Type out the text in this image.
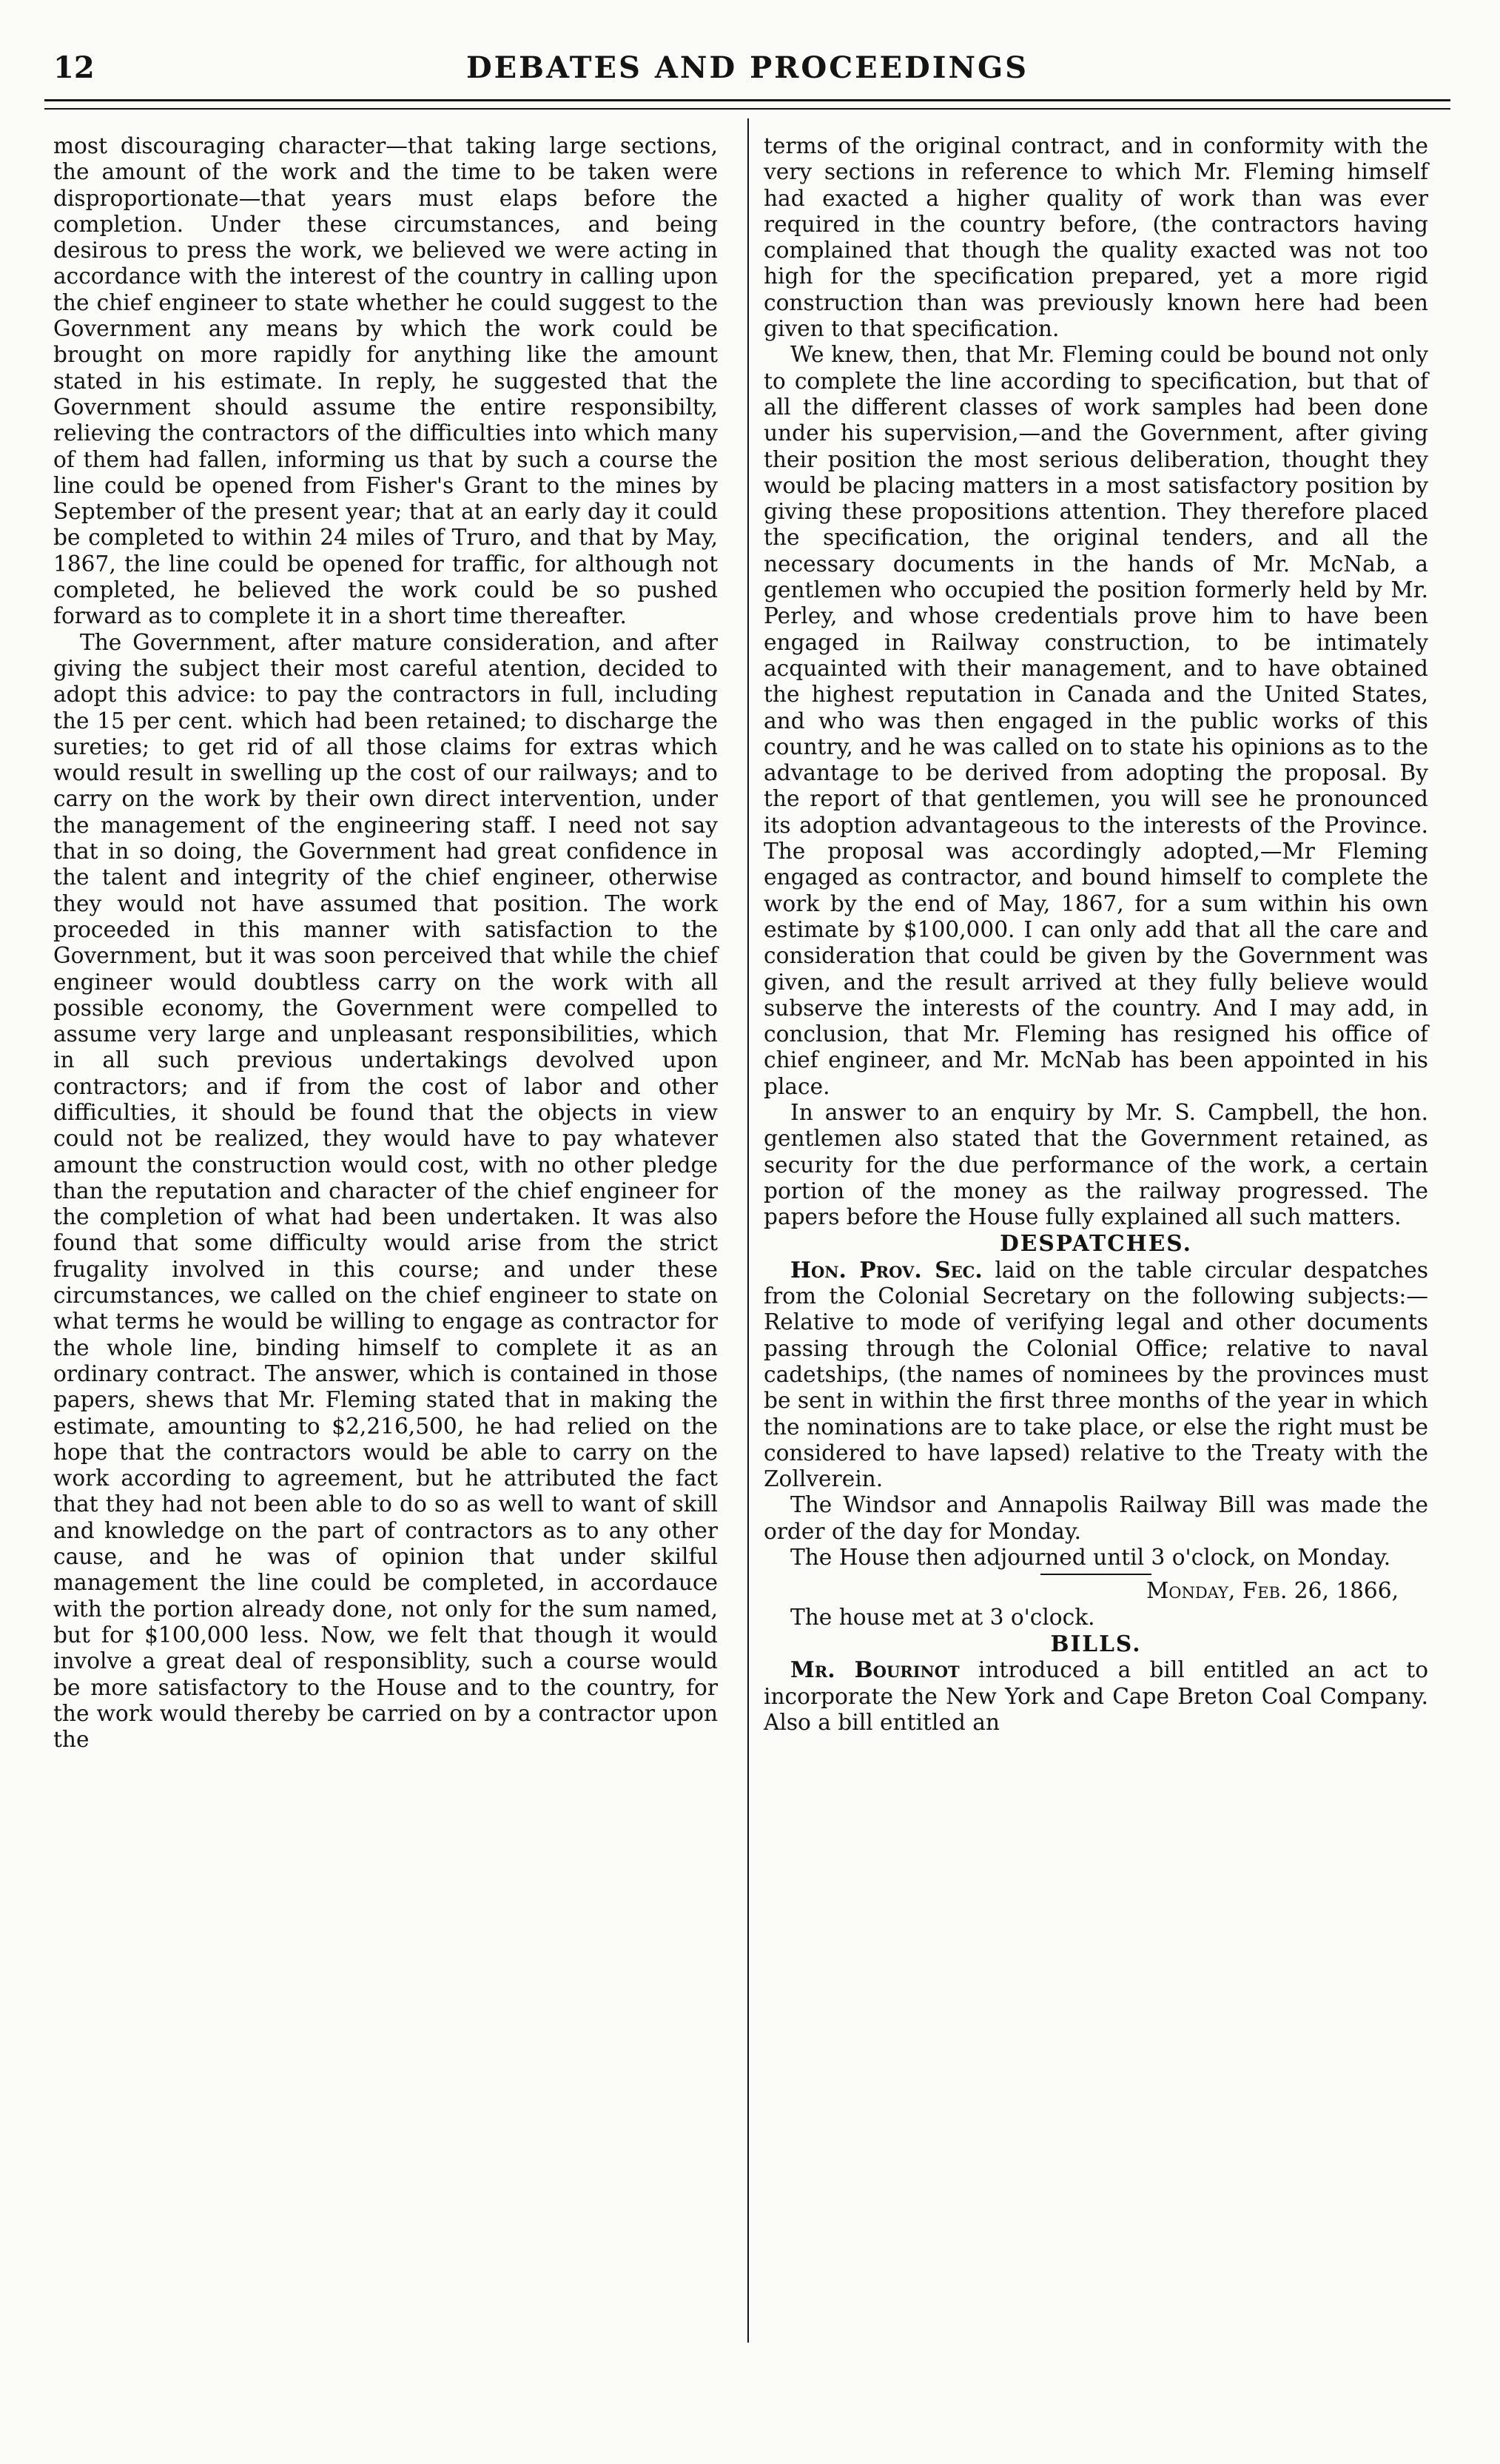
12	DEBATES AND PROCEEDINGS

most discouraging character—that taking large sections, the amount of the work and the time to be taken were disproportionate—that years must elaps before the completion. Under these circumstances, and being desirous to press the work, we believed we were acting in accordance with the interest of the country in calling upon the chief engineer to state whether he could suggest to the Government any means by which the work could be brought on more rapidly for anything like the amount stated in his estimate. In reply, he suggested that the Government should assume the entire responsibilty, relieving the contractors of the difficulties into which many of them had fallen, informing us that by such a course the line could be opened from Fisher's Grant to the mines by September of the present year; that at an early day it could be completed to within 24 miles of Truro, and that by May, 1867, the line could be opened for traffic, for although not completed, he believed the work could be so pushed forward as to complete it in a short time thereafter.

The Government, after mature consideration, and after giving the subject their most careful atention, decided to adopt this advice: to pay the contractors in full, including the 15 per cent. which had been retained; to discharge the sureties; to get rid of all those claims for extras which would result in swelling up the cost of our railways; and to carry on the work by their own direct intervention, under the management of the engineering staff. I need not say that in so doing, the Government had great confidence in the talent and integrity of the chief engineer, otherwise they would not have assumed that position. The work proceeded in this manner with satisfaction to the Government, but it was soon perceived that while the chief engineer would doubtless carry on the work with all possible economy, the Government were compelled to assume very large and unpleasant responsibilities, which in all such previous undertakings devolved upon contractors; and if from the cost of labor and other difficulties, it should be found that the objects in view could not be realized, they would have to pay whatever amount the construction would cost, with no other pledge than the reputation and character of the chief engineer for the completion of what had been undertaken. It was also found that some difficulty would arise from the strict frugality involved in this course; and under these circumstances, we called on the chief engineer to state on what terms he would be willing to engage as contractor for the whole line, binding himself to complete it as an ordinary contract. The answer, which is contained in those papers, shews that Mr. Fleming stated that in making the estimate, amounting to $2,216,500, he had relied on the hope that the contractors would be able to carry on the work according to agreement, but he attributed the fact that they had not been able to do so as well to want of skill and knowledge on the part of contractors as to any other cause, and he was of opinion that under skilful management the line could be completed, in accordauce with the portion already done, not only for the sum named, but for $100,000 less. Now, we felt that though it would involve a great deal of responsiblity, such a course would be more satisfactory to the House and to the country, for the work would thereby be carried on by a contractor upon the

terms of the original contract, and in conformity with the very sections in reference to which Mr. Fleming himself had exacted a higher quality of work than was ever required in the country before, (the contractors having complained that though the quality exacted was not too high for the specification prepared, yet a more rigid construction than was previously known here had been given to that specification.

We knew, then, that Mr. Fleming could be bound not only to complete the line according to specification, but that of all the different classes of work samples had been done under his supervision,—and the Government, after giving their position the most serious deliberation, thought they would be placing matters in a most satisfactory position by giving these propositions attention. They therefore placed the specification, the original tenders, and all the necessary documents in the hands of Mr. McNab, a gentlemen who occupied the position formerly held by Mr. Perley, and whose credentials prove him to have been engaged in Railway construction, to be intimately acquainted with their management, and to have obtained the highest reputation in Canada and the United States, and who was then engaged in the public works of this country, and he was called on to state his opinions as to the advantage to be derived from adopting the proposal. By the report of that gentlemen, you will see he pronounced its adoption advantageous to the interests of the Province. The proposal was accordingly adopted,—Mr Fleming engaged as contractor, and bound himself to complete the work by the end of May, 1867, for a sum within his own estimate by $100,000. I can only add that all the care and consideration that could be given by the Government was given, and the result arrived at they fully believe would subserve the interests of the country. And I may add, in conclusion, that Mr. Fleming has resigned his office of chief engineer, and Mr. McNab has been appointed in his place.

In answer to an enquiry by Mr. S. Campbell, the hon. gentlemen also stated that the Government retained, as security for the due performance of the work, a certain portion of the money as the railway progressed. The papers before the House fully explained all such matters.

DESPATCHES.

Hon. Prov. Sec. laid on the table circular despatches from the Colonial Secretary on the following subjects:—Relative to mode of verifying legal and other documents passing through the Colonial Office; relative to naval cadetships, (the names of nominees by the provinces must be sent in within the first three months of the year in which the nominations are to take place, or else the right must be considered to have lapsed) relative to the Treaty with the Zollverein.

The Windsor and Annapolis Railway Bill was made the order of the day for Monday.

The House then adjourned until 3 o'clock, on Monday.

Monday, Feb. 26, 1866,

The house met at 3 o'clock.

BILLS.

Mr. Bourinot introduced a bill entitled an act to incorporate the New York and Cape Breton Coal Company. Also a bill entitled an
